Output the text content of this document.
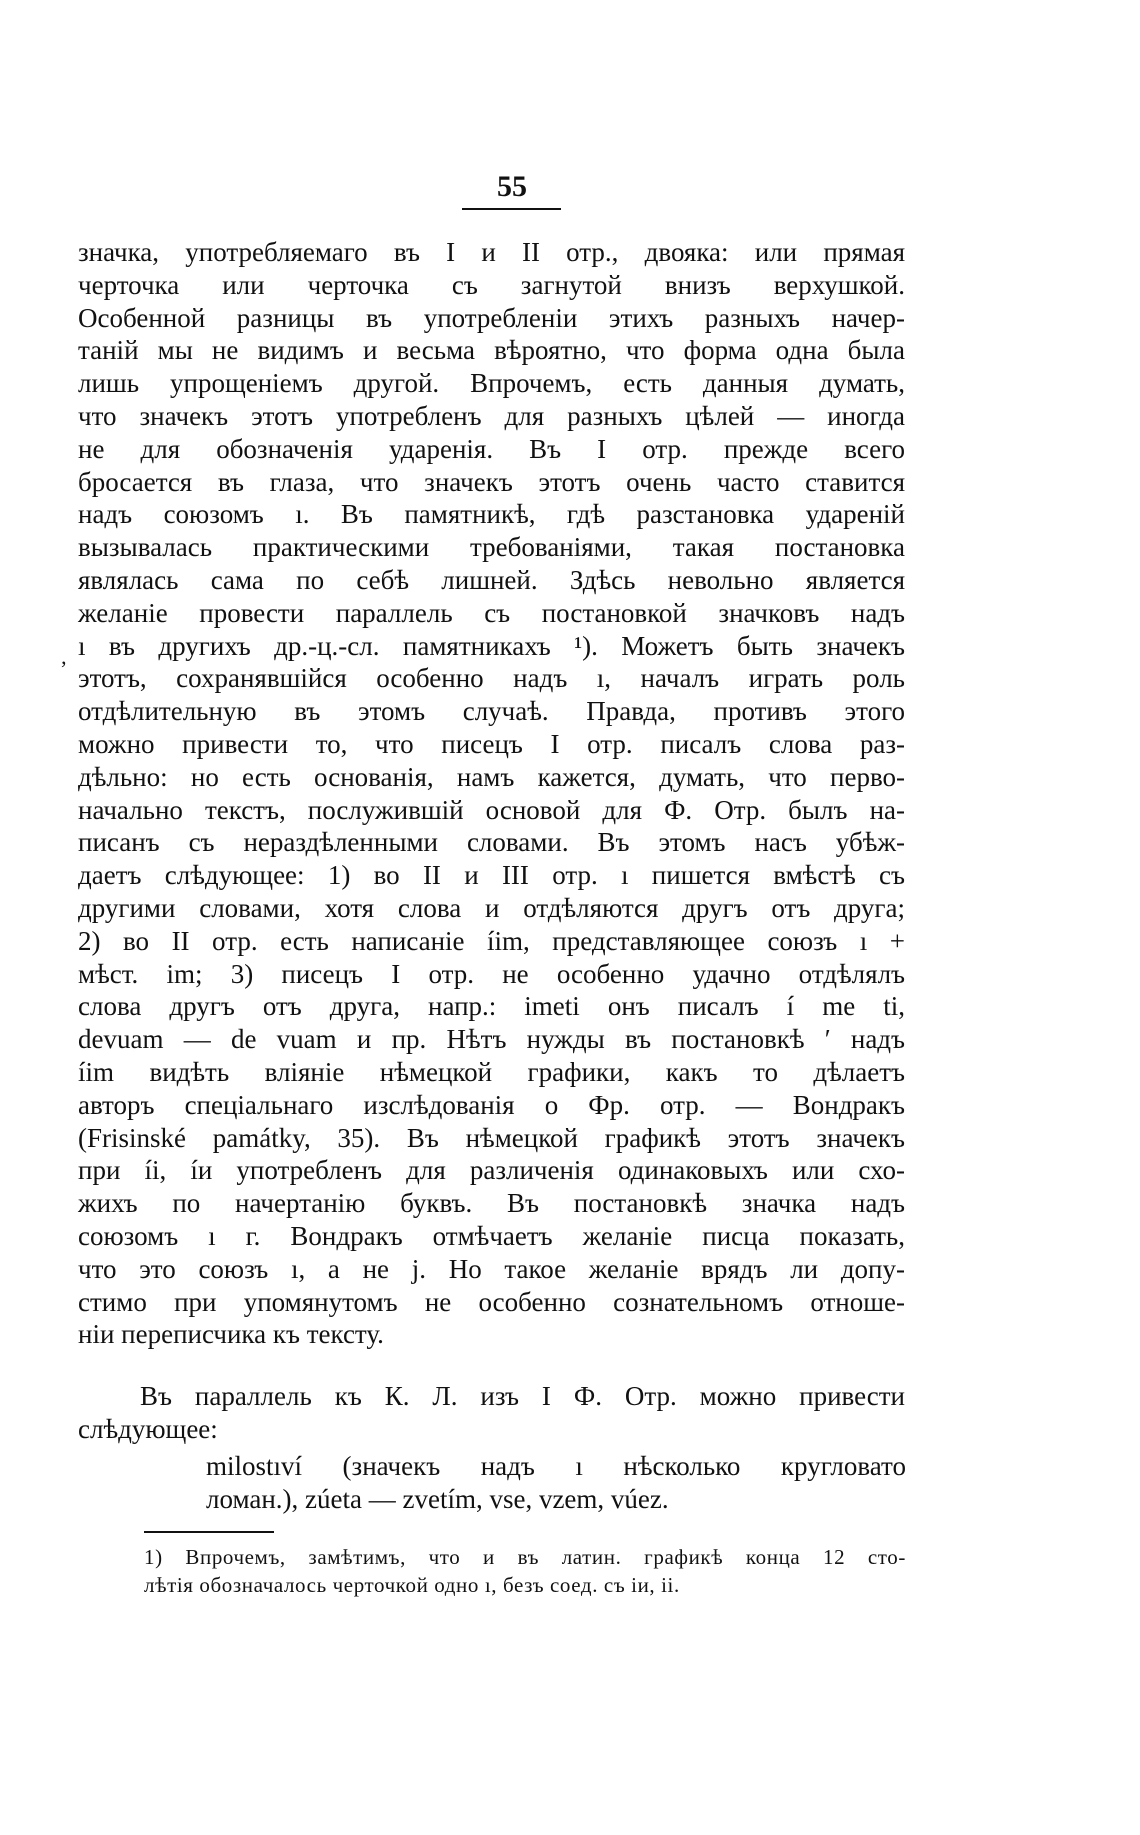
55
‚
значка, употребляемаго въ I и II отр., двояка: или прямая
черточка или черточка съ загнутой внизъ верхушкой.
Особенной разницы въ употребленіи этихъ разныхъ начер-
таній мы не видимъ и весьма вѣроятно, что форма одна была
лишь упрощеніемъ другой. Впрочемъ, есть данныя думать,
что значекъ этотъ употребленъ для разныхъ цѣлей — иногда
не для обозначенія ударенія. Въ I отр. прежде всего
бросается въ глаза, что значекъ этотъ очень часто ставится
надъ союзомъ ı. Въ памятникѣ, гдѣ разстановка ударенiй
вызывалась практическими требованіями, такая постановка
являлась сама по себѣ лишней. Здѣсь невольно является
желаніе провести параллель съ постановкой значковъ надъ
ı въ другихъ др.-ц.-сл. памятникахъ ¹). Можетъ быть значекъ
этотъ, сохранявшійся особенно надъ ı, началъ играть роль
отдѣлительную въ этомъ случаѣ. Правда, противъ этого
можно привести то, что писецъ I отр. писалъ слова раз-
дѣльно: но есть основанія, намъ кажется, думать, что перво-
начально текстъ, послужившій основой для Ф. Отр. былъ на-
писанъ съ нераздѣленными словами. Въ этомъ насъ убѣж-
даетъ слѣдующее: 1) во II и III отр. ı пишется вмѣстѣ съ
другими словами, хотя слова и отдѣляются другъ отъ друга;
2) во II отр. есть написаніе íim, представляющее союзъ ı +
мѣст. im; 3) писецъ I отр. не особенно удачно отдѣлялъ
слова другъ отъ друга, напр.: imeti онъ писалъ í me ti,
devuam — de vuam и пр. Нѣтъ нужды въ постановкѣ ′ надъ
íim видѣть вліяніе нѣмецкой графики, какъ то дѣлаетъ
авторъ спеціальнаго изслѣдованія о Фр. отр. — Вондракъ
(Frisinské památky, 35). Въ нѣмецкой графикѣ этотъ значекъ
при íi, íи употребленъ для различенія одинаковыхъ или схо-
жихъ по начертанію буквъ. Въ постановкѣ значка надъ
союзомъ ı г. Вондракъ отмѣчаетъ желаніе писца показать,
что это союзъ ı, а не j. Но такое желаніе врядъ ли допу-
стимо при упомянутомъ не особенно сознательномъ отноше-
ніи переписчика къ тексту.
Въ параллель къ К. Л. изъ I Ф. Отр. можно привести
слѣдующее:
milostıví (значекъ надъ ı нѣсколько кругловато
ломан.), zúeta — zvetím, vse, vzem, vúez.
1) Впрочемъ, замѣтимъ, что и въ латин. графикѣ конца 12 сто-
лѣтія обозначалось черточкой одно ı, безъ соед. съ іи, ii.
